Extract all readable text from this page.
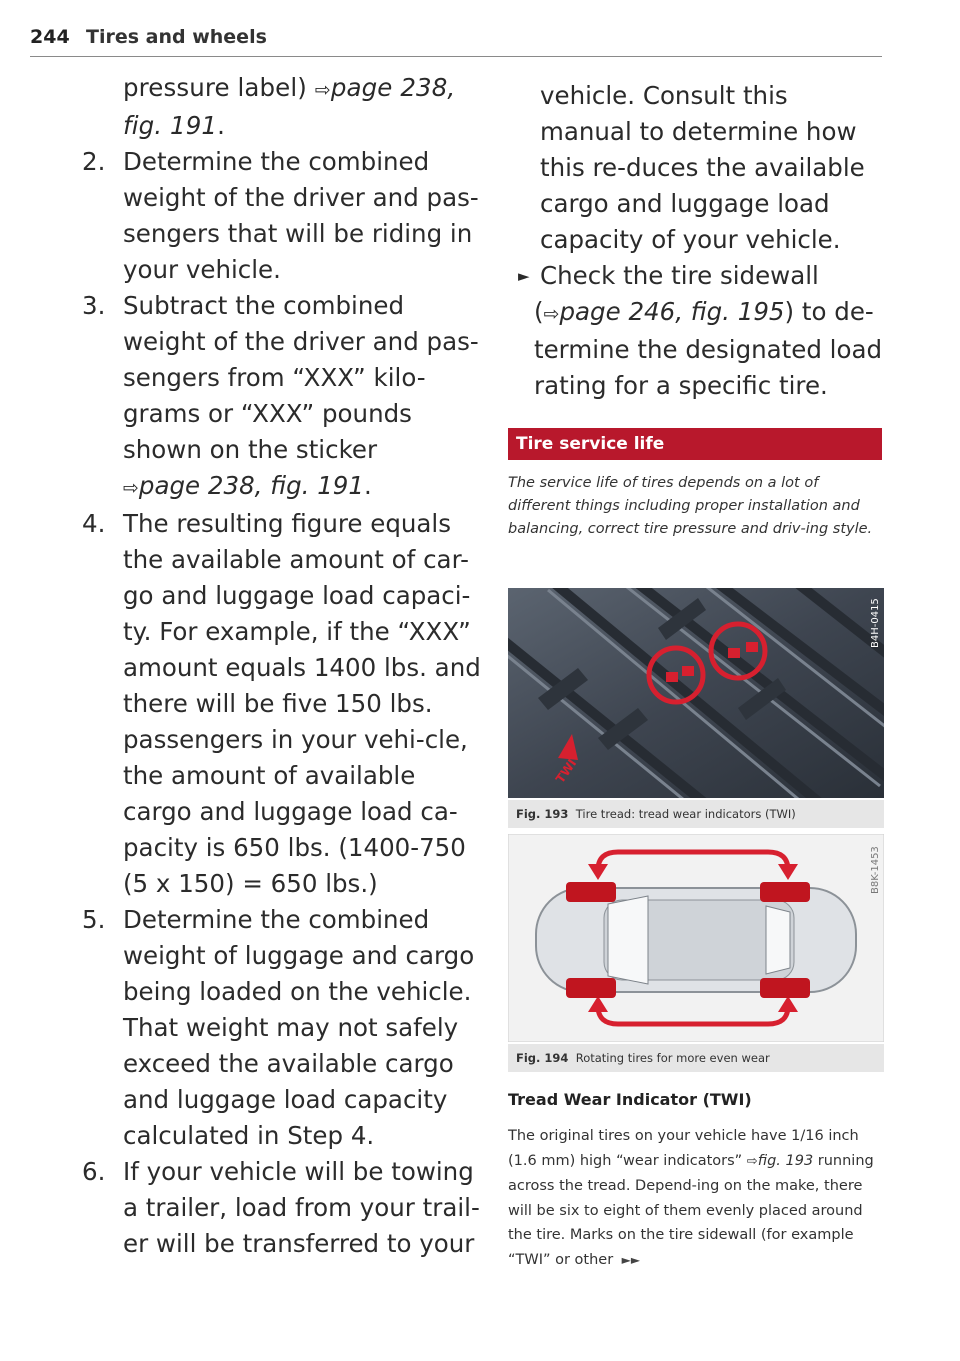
244 Tires and wheels

pressure label) ⇨page 238,
fig. 191.

2. Determine the combined weight of the driver and pas-sengers that will be riding in your vehicle.

3. Subtract the combined weight of the driver and pas-sengers from “XXX” kilo-grams or “XXX” pounds shown on the sticker
⇨page 238, fig. 191.

4. The resulting figure equals the available amount of car-go and luggage load capaci-ty. For example, if the “XXX” amount equals 1400 lbs. and there will be five 150 lbs. passengers in your vehi-cle, the amount of available cargo and luggage load ca-pacity is 650 lbs. (1400-750 (5 x 150) = 650 lbs.)

5. Determine the combined weight of luggage and cargo being loaded on the vehicle. That weight may not safely exceed the available cargo and luggage load capacity calculated in Step 4.

6. If your vehicle will be towing a trailer, load from your trail-er will be transferred to your

vehicle. Consult this manual to determine how this re-duces the available cargo and luggage load capacity of your vehicle.

► Check the tire sidewall (⇨page 246, fig. 195) to de-termine the designated load rating for a specific tire.

Tire service life

The service life of tires depends on a lot of different things including proper installation and balancing, correct tire pressure and driv-ing style.

TWI
B4H-0415
Fig. 193 Tire tread: tread wear indicators (TWI)
B8K-1453
Fig. 194 Rotating tires for more even wear

Tread Wear Indicator (TWI)

The original tires on your vehicle have 1/16 inch (1.6 mm) high “wear indicators” ⇨fig. 193 running across the tread. Depend-ing on the make, there will be six to eight of them evenly placed around the tire. Marks on the tire sidewall (for example “TWI” or other  ►►
